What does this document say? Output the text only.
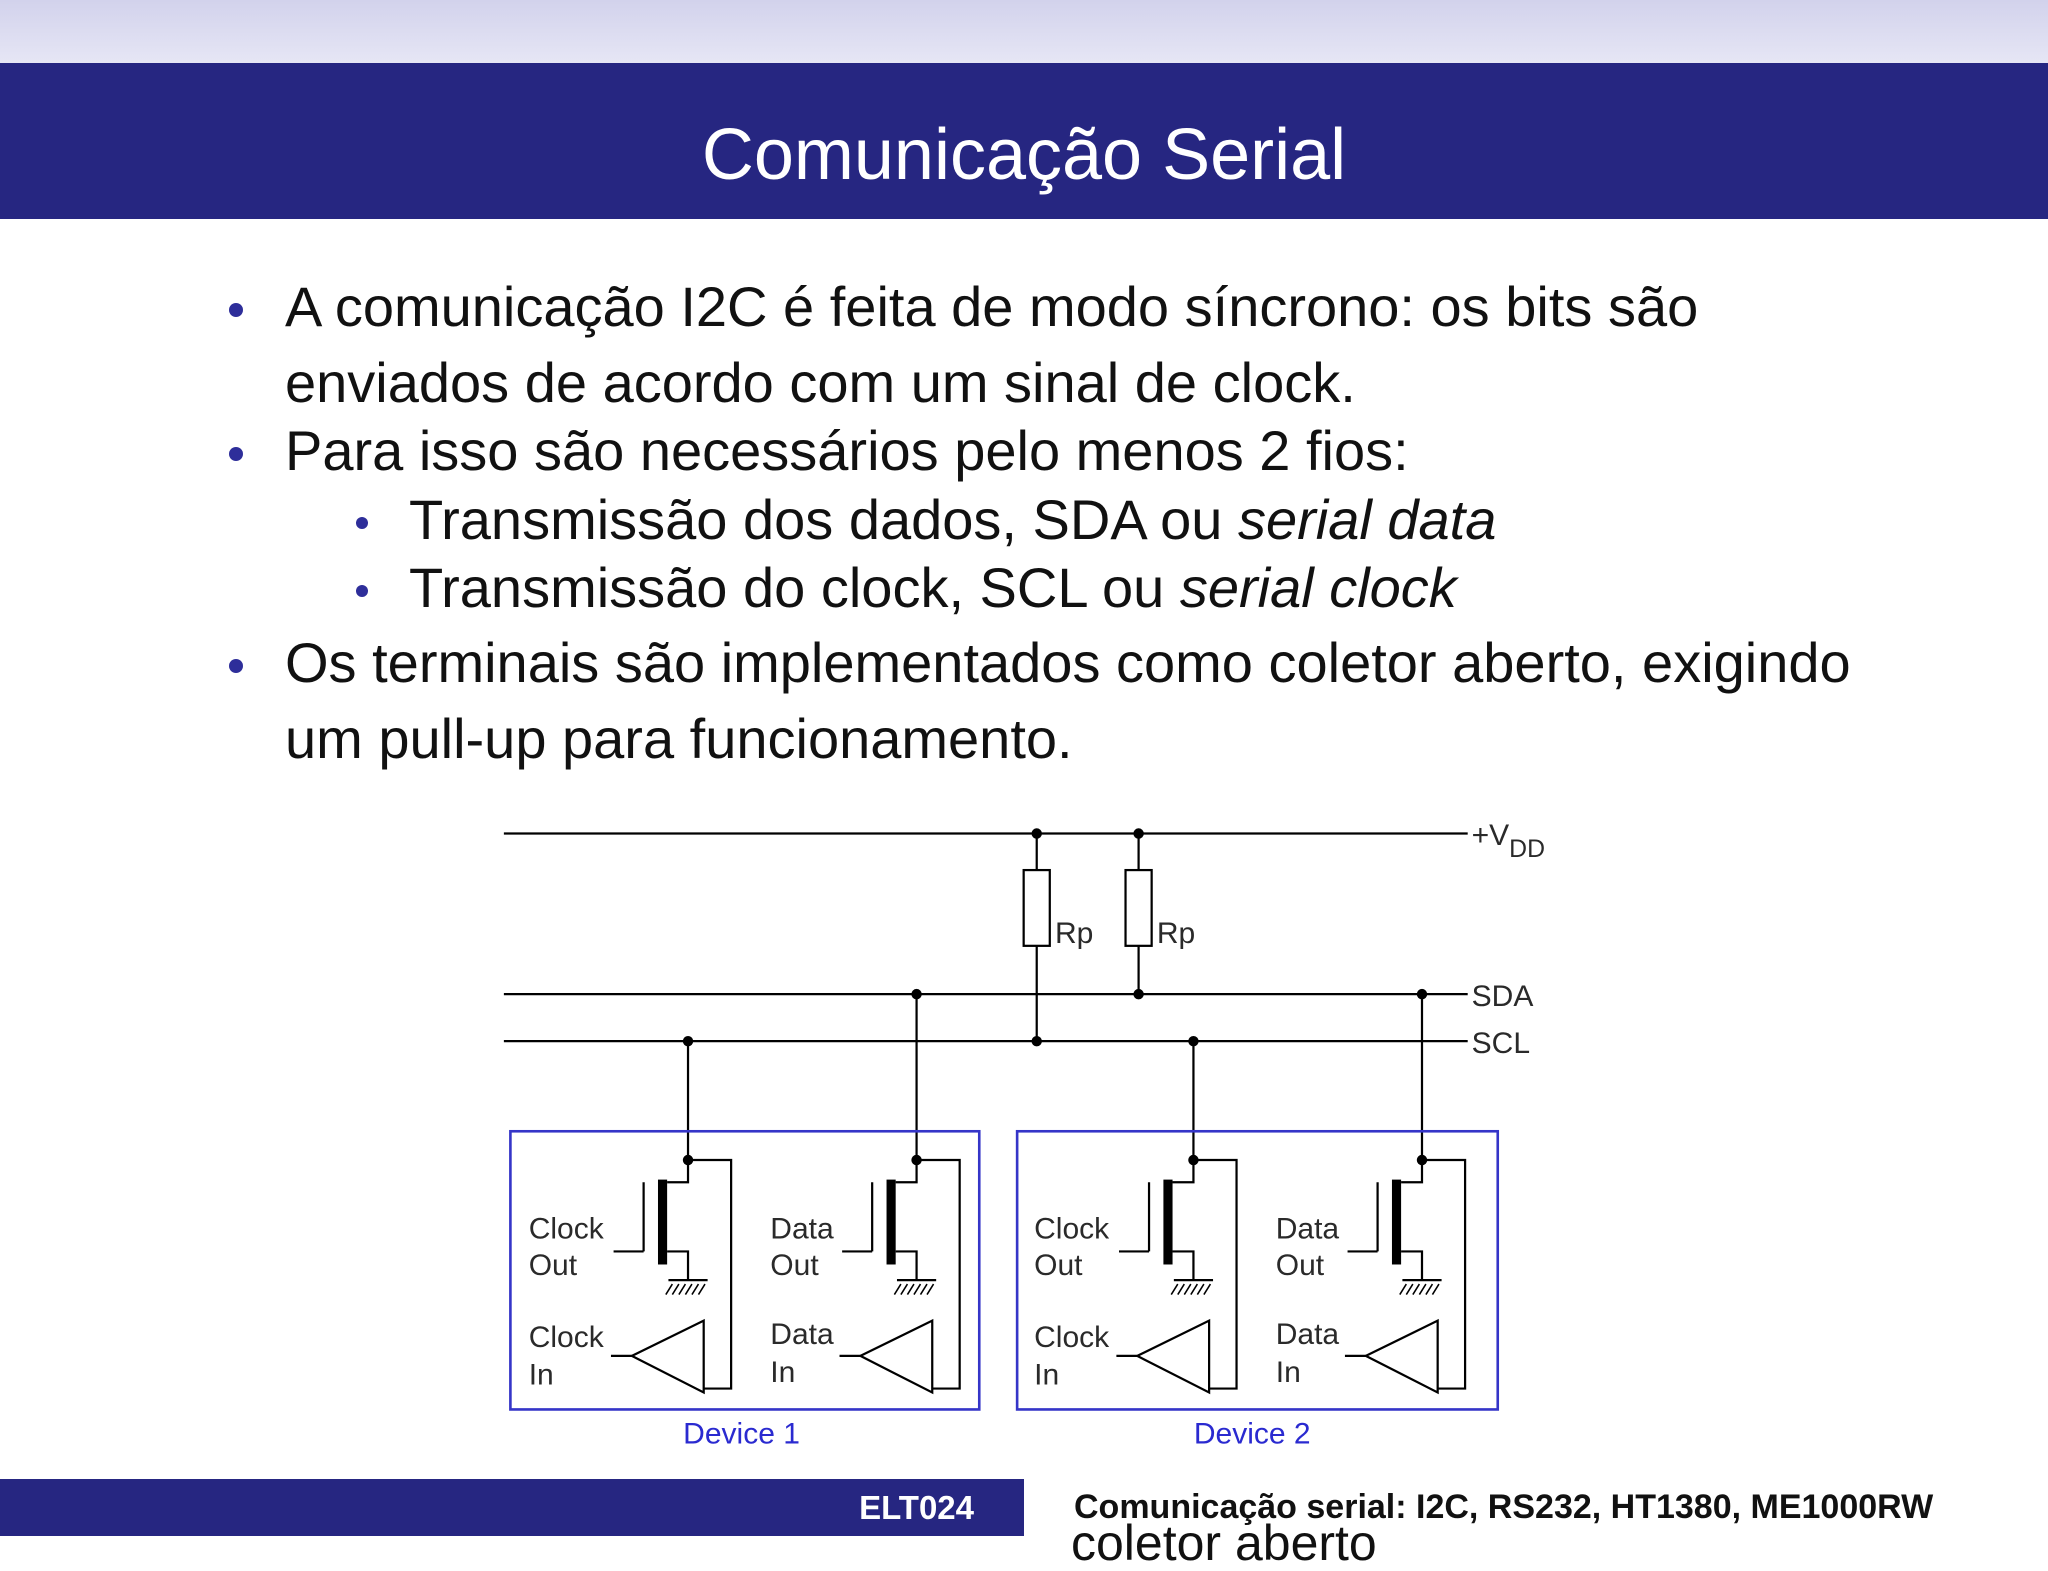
Comunicação Serial
A comunicação I2C é feita de modo síncrono: os bits são enviados de acordo com um sinal de clock.
Para isso são necessários pelo menos 2 fios:
Transmissão dos dados, SDA ou serial data
Transmissão do clock, SCL ou serial clock
Os terminais são implementados como coletor aberto, exigindo um pull-up para funcionamento.
$+V_{DD}$
SDA
SCL
Rp	Rp
Device 1	Device 2
Clock
Out
Clock
In
Data
Out
Data
In
Clock
Out
Clock
In
Data
Out
Data
In
ELT024	Comunicação serial: I2C, RS232, HT1380, ME1000RW
coletor aberto
